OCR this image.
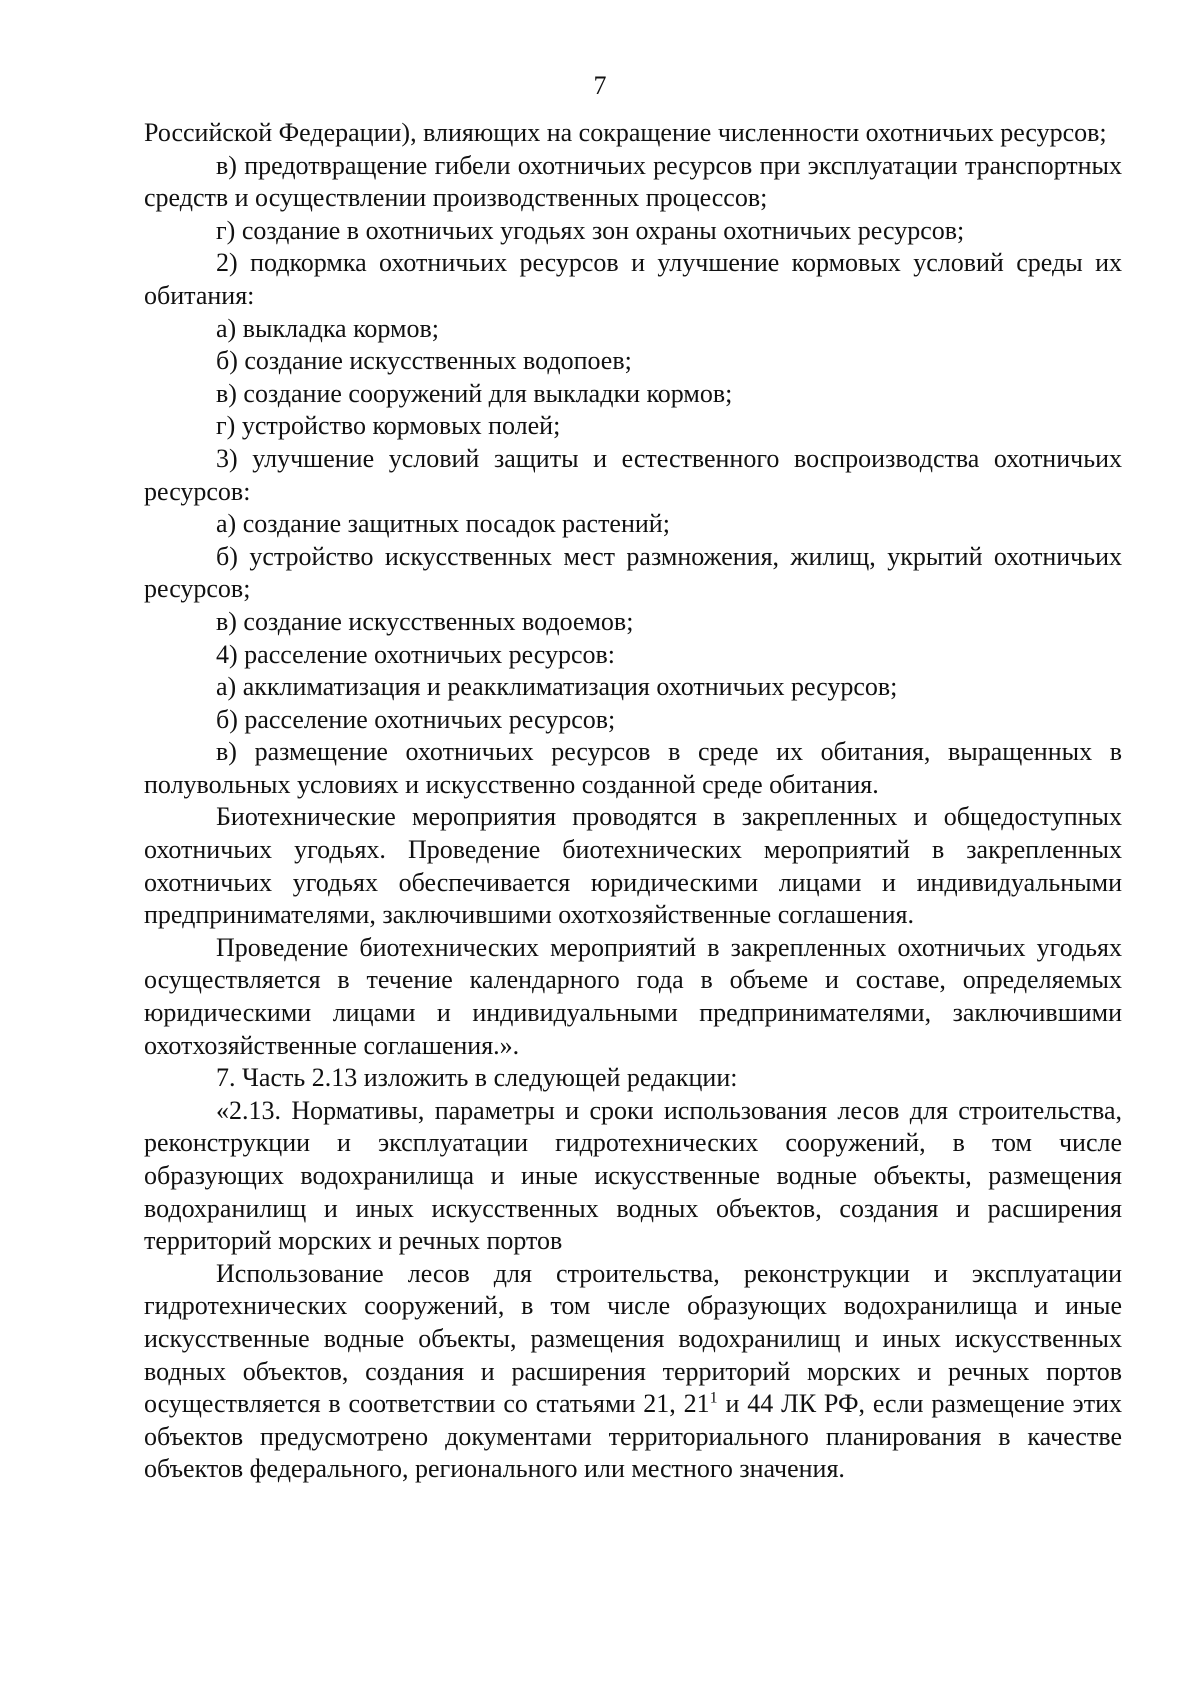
7

Российской Федерации), влияющих на сокращение численности охотничьих ресурсов;

в) предотвращение гибели охотничьих ресурсов при эксплуатации транспортных средств и осуществлении производственных процессов;

г) создание в охотничьих угодьях зон охраны охотничьих ресурсов;

2) подкормка охотничьих ресурсов и улучшение кормовых условий среды их обитания:

а) выкладка кормов;

б) создание искусственных водопоев;

в) создание сооружений для выкладки кормов;

г) устройство кормовых полей;

3) улучшение условий защиты и естественного воспроизводства охотничьих ресурсов:

а) создание защитных посадок растений;

б) устройство искусственных мест размножения, жилищ, укрытий охотничьих ресурсов;

в) создание искусственных водоемов;

4) расселение охотничьих ресурсов:

а) акклиматизация и реакклиматизация охотничьих ресурсов;

б) расселение охотничьих ресурсов;

в) размещение охотничьих ресурсов в среде их обитания, выращенных в полувольных условиях и искусственно созданной среде обитания.

Биотехнические мероприятия проводятся в закрепленных и общедоступных охотничьих угодьях. Проведение биотехнических мероприятий в закрепленных охотничьих угодьях обеспечивается юридическими лицами и индивидуальными предпринимателями, заключившими охотхозяйственные соглашения.

Проведение биотехнических мероприятий в закрепленных охотничьих угодьях осуществляется в течение календарного года в объеме и составе, определяемых юридическими лицами и индивидуальными предпринимателями, заключившими охотхозяйственные соглашения.».

7. Часть 2.13 изложить в следующей редакции:

«2.13. Нормативы, параметры и сроки использования лесов для строительства, реконструкции и эксплуатации гидротехнических сооружений, в том числе образующих водохранилища и иные искусственные водные объекты, размещения водохранилищ и иных искусственных водных объектов, создания и расширения территорий морских и речных портов

Использование лесов для строительства, реконструкции и эксплуатации гидротехнических сооружений, в том числе образующих водохранилища и иные искусственные водные объекты, размещения водохранилищ и иных искусственных водных объектов, создания и расширения территорий морских и речных портов осуществляется в соответствии со статьями 21, $21^1$ и 44 ЛК РФ, если размещение этих объектов предусмотрено документами территориального планирования в качестве объектов федерального, регионального или местного значения.
